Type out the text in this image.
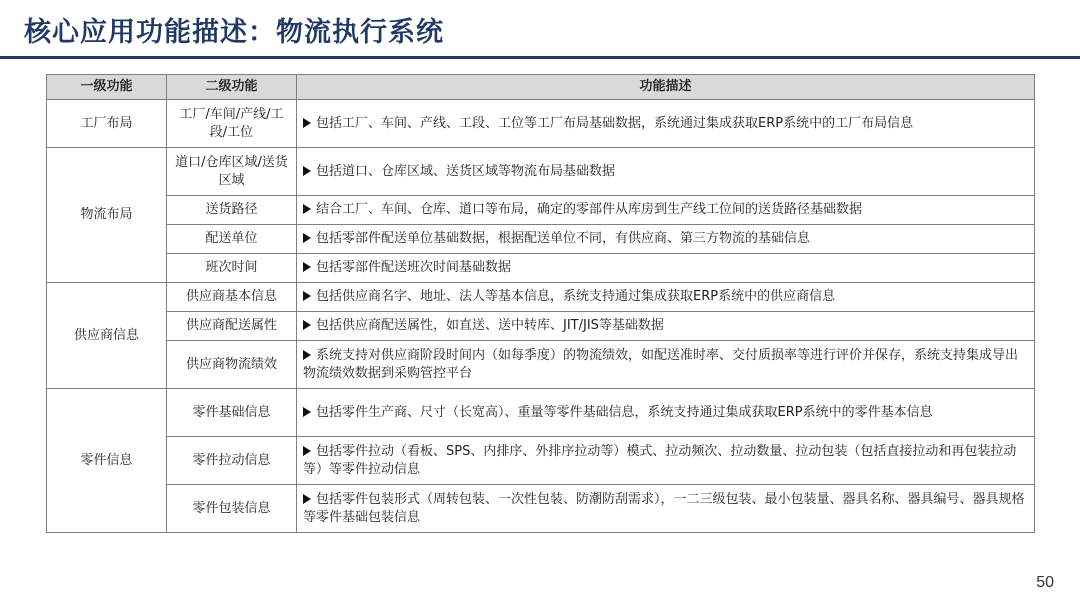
核心应用功能描述：物流执行系统
一级功能	二级功能	功能描述
工厂布局	工厂/车间/产线/工段/工位	包括工厂、车间、产线、工段、工位等工厂布局基础数据，系统通过集成获取ERP系统中的工厂布局信息
物流布局	道口/仓库区域/送货区域	包括道口、仓库区域、送货区域等物流布局基础数据
	送货路径	结合工厂、车间、仓库、道口等布局，确定的零部件从库房到生产线工位间的送货路径基础数据
	配送单位	包括零部件配送单位基础数据，根据配送单位不同，有供应商、第三方物流的基础信息
	班次时间	包括零部件配送班次时间基础数据
供应商信息	供应商基本信息	包括供应商名字、地址、法人等基本信息，系统支持通过集成获取ERP系统中的供应商信息
	供应商配送属性	包括供应商配送属性，如直送、送中转库、JIT/JIS等基础数据
	供应商物流绩效	系统支持对供应商阶段时间内（如每季度）的物流绩效，如配送准时率、交付质损率等进行评价并保存，系统支持集成导出物流绩效数据到采购管控平台
零件信息	零件基础信息	包括零件生产商、尺寸（长宽高）、重量等零件基础信息，系统支持通过集成获取ERP系统中的零件基本信息
	零件拉动信息	包括零件拉动（看板、SPS、内排序、外排序拉动等）模式、拉动频次、拉动数量、拉动包装（包括直接拉动和再包装拉动等）等零件拉动信息
	零件包装信息	包括零件包装形式（周转包装、一次性包装、防潮防刮需求），一二三级包装、最小包装量、器具名称、器具编号、器具规格等零件基础包装信息
50
